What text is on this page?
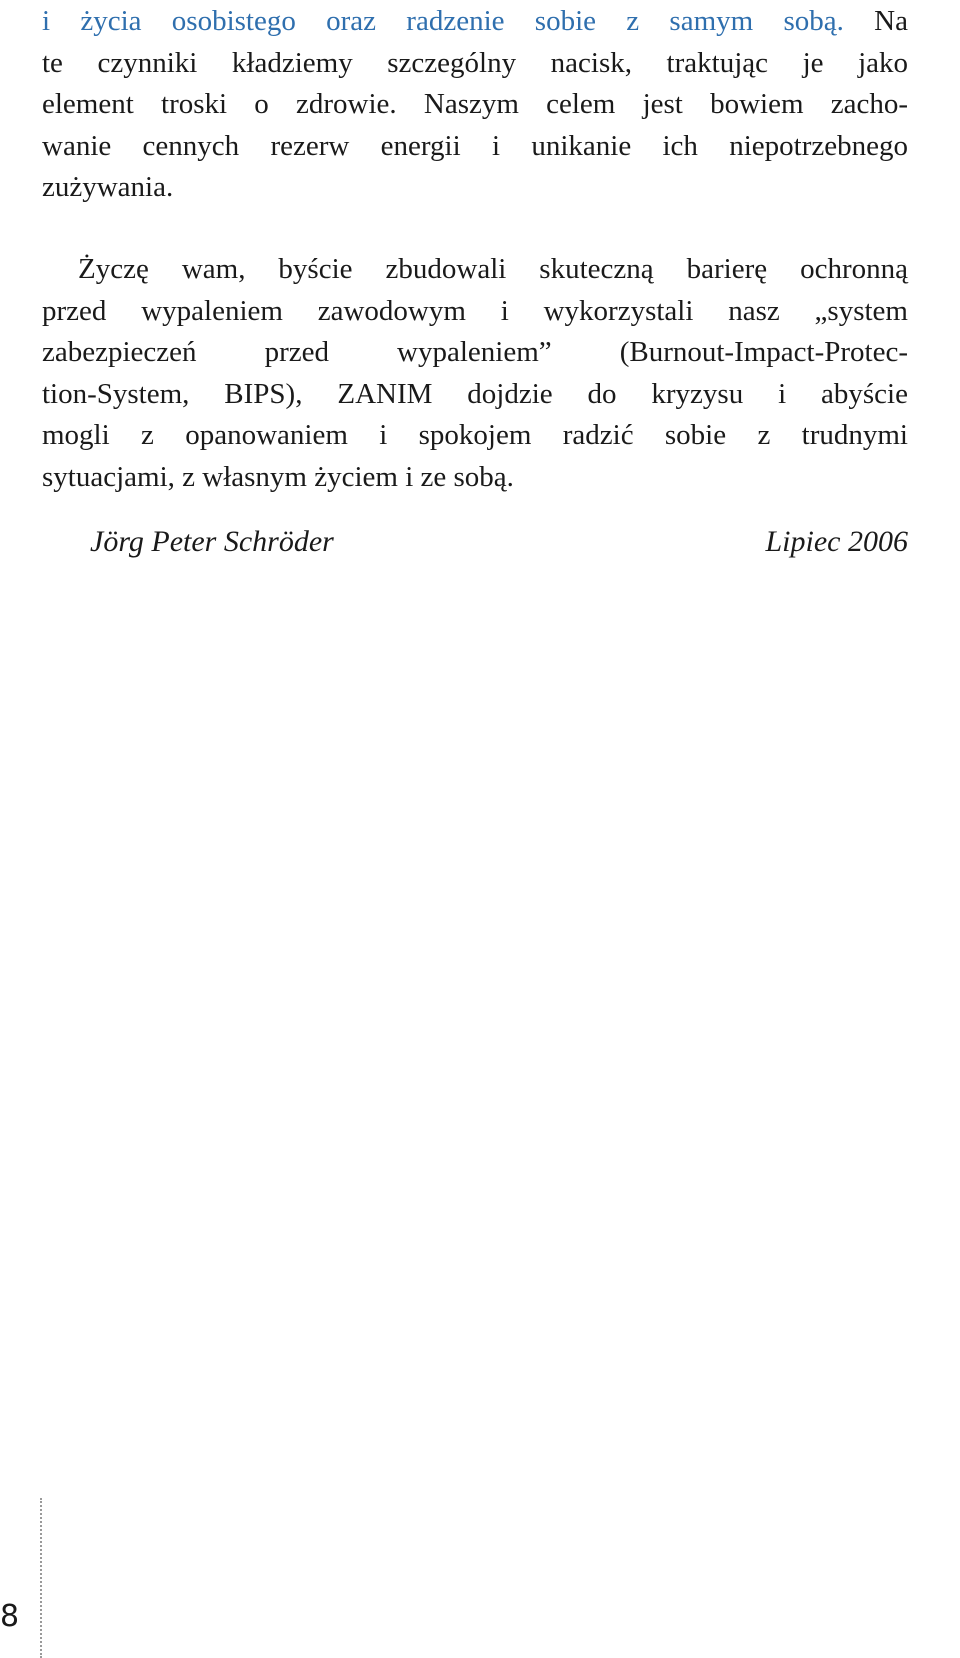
i życia osobistego oraz radzenie sobie z samym sobą. Na
te czynniki kładziemy szczególny nacisk, traktując je jako
element troski o zdrowie. Naszym celem jest bowiem zacho-
wanie cennych rezerw energii i unikanie ich niepotrzebnego
zużywania.
Życzę wam, byście zbudowali skuteczną barierę ochronną
przed wypaleniem zawodowym i wykorzystali nasz „system
zabezpieczeń przed wypaleniem” (Burnout-Impact-Protec-
tion-System, BIPS), ZANIM dojdzie do kryzysu i abyście
mogli z opanowaniem i spokojem radzić sobie z trudnymi
sytuacjami, z własnym życiem i ze sobą.
Jörg Peter Schröder	Lipiec 2006
8
